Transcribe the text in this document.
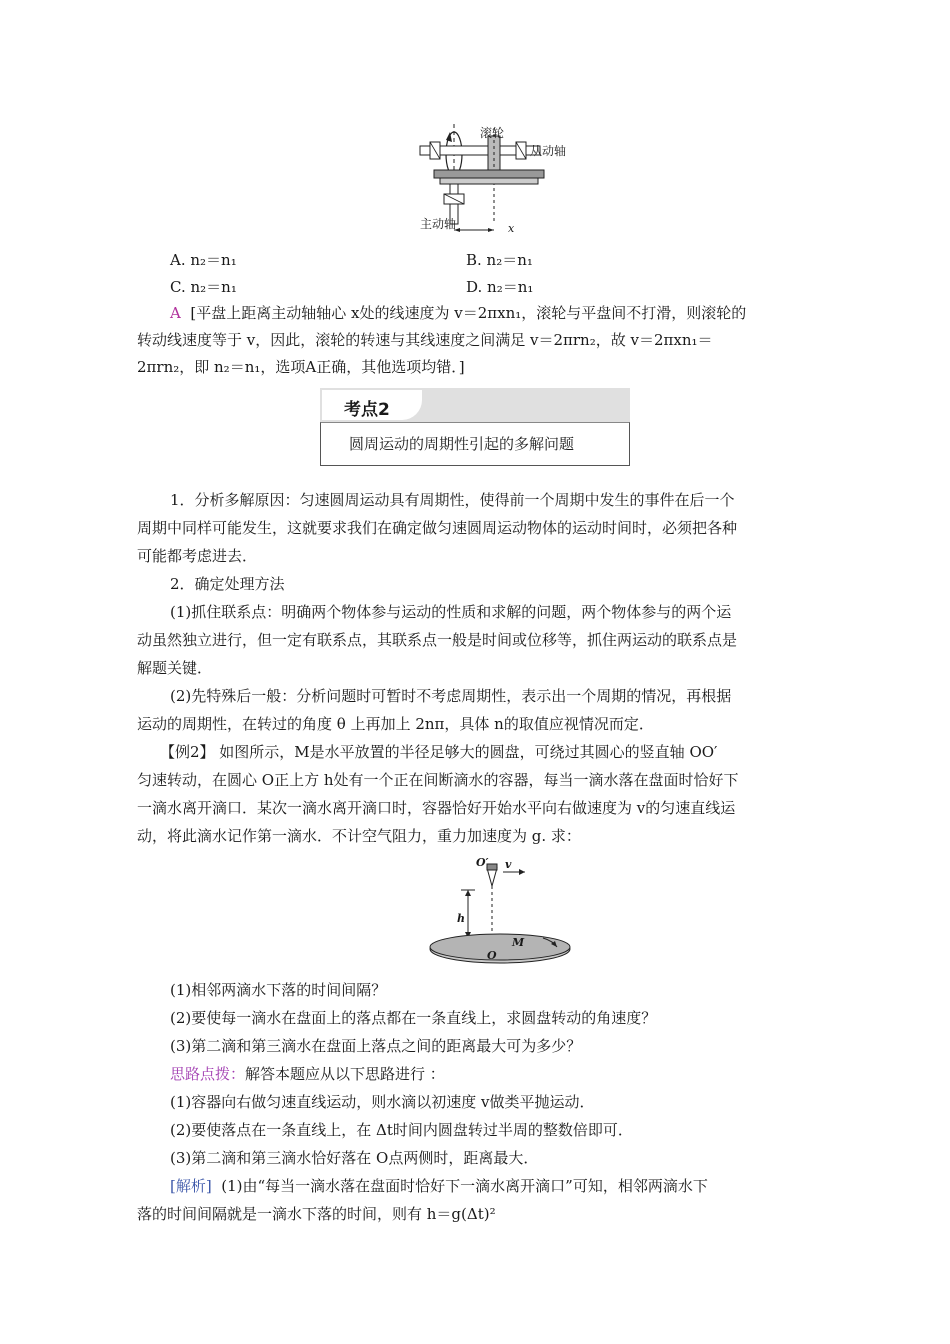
滚轮
从动轴
主动轴	x
A. n₂＝n₁	B. n₂＝n₁
C. n₂＝n₁	D. n₂＝n₁
A [平盘上距离主动轴轴心 x处的线速度为 v＝2πxn₁，滚轮与平盘间不打滑，则滚轮的
转动线速度等于 v，因此，滚轮的转速与其线速度之间满足 v＝2πrn₂，故 v＝2πxn₁＝
2πrn₂，即 n₂＝n₁，选项A正确，其他选项均错．]
考点2
圆周运动的周期性引起的多解问题
1．分析多解原因：匀速圆周运动具有周期性，使得前一个周期中发生的事件在后一个
周期中同样可能发生，这就要求我们在确定做匀速圆周运动物体的运动时间时，必须把各种
可能都考虑进去．
2．确定处理方法
(1)抓住联系点：明确两个物体参与运动的性质和求解的问题，两个物体参与的两个运
动虽然独立进行，但一定有联系点，其联系点一般是时间或位移等，抓住两运动的联系点是
解题关键．
(2)先特殊后一般：分析问题时可暂时不考虑周期性，表示出一个周期的情况，再根据
运动的周期性，在转过的角度 θ 上再加上 2nπ，具体 n的取值应视情况而定．
【例2】 如图所示，M是水平放置的半径足够大的圆盘，可绕过其圆心的竖直轴 OO′
匀速转动，在圆心 O正上方 h处有一个正在间断滴水的容器，每当一滴水落在盘面时恰好下
一滴水离开滴口．某次一滴水离开滴口时，容器恰好开始水平向右做速度为 v的匀速直线运
动，将此滴水记作第一滴水．不计空气阻力，重力加速度为 g. 求：
O′ v
h
M
O
(1)相邻两滴水下落的时间间隔？
(2)要使每一滴水在盘面上的落点都在一条直线上，求圆盘转动的角速度？
(3)第二滴和第三滴水在盘面上落点之间的距离最大可为多少？
思路点拨：解答本题应从以下思路进行 ：
(1)容器向右做匀速直线运动，则水滴以初速度 v做类平抛运动．
(2)要使落点在一条直线上，在 Δt时间内圆盘转过半周的整数倍即可．
(3)第二滴和第三滴水恰好落在 O点两侧时，距离最大．
[解析] (1)由“每当一滴水落在盘面时恰好下一滴水离开滴口”可知，相邻两滴水下
落的时间间隔就是一滴水下落的时间，则有 h＝g(Δt)²
